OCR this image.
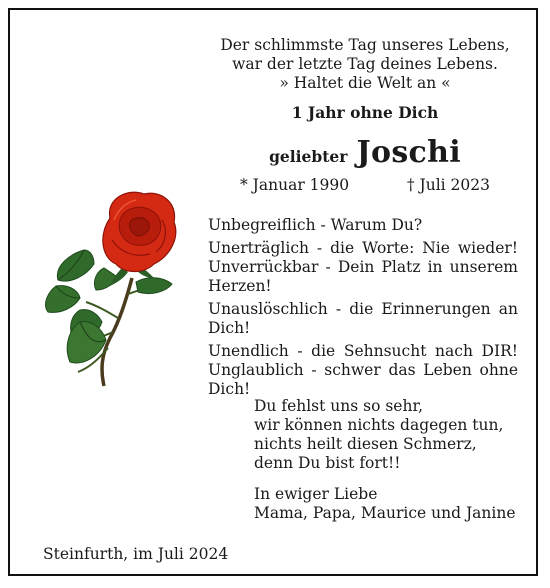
Der schlimmste Tag unseres Lebens,
war der letzte Tag deines Lebens.
» Haltet die Welt an «
1 Jahr ohne Dich
geliebter Joschi
* Januar 1990	† Juli 2023
Unbegreiflich - Warum Du?
Unerträglich - die Worte: Nie wieder!
Unverrückbar - Dein Platz in unserem
Herzen!
Unauslöschlich - die Erinnerungen an
Dich!
Unendlich - die Sehnsucht nach DIR!
Unglaublich - schwer das Leben ohne
Dich!
Du fehlst uns so sehr,
wir können nichts dagegen tun,
nichts heilt diesen Schmerz,
denn Du bist fort!!
In ewiger Liebe
Mama, Papa, Maurice und Janine
Steinfurth, im Juli 2024
